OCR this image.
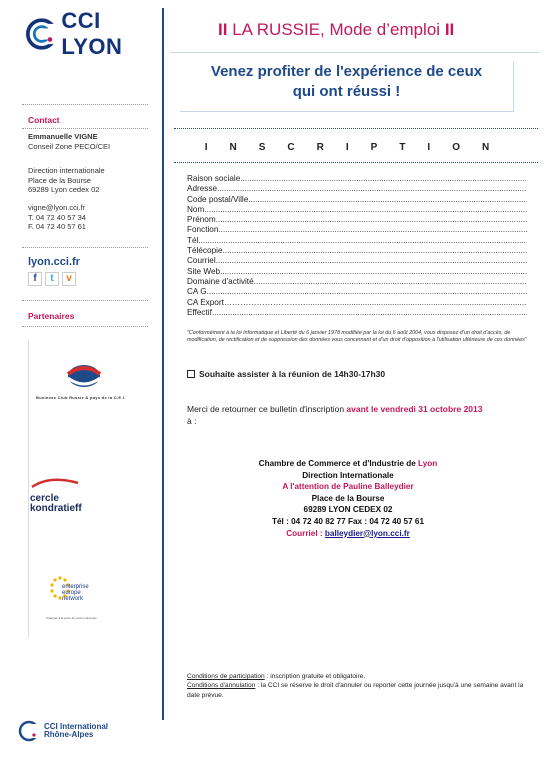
CCI LYON
Contact
Emmanuelle VIGNE
Conseil Zone PECO/CEI
Direction internationale
Place de la Bourse
69289 Lyon cedex 02
vigne@lyon.cci.fr
T. 04 72 40 57 34
F. 04 72 40 57 61
lyon.cci.fr
f	t	v
Partenaires
Business Club Russie & pays de la C.E.I.
cercle
kondratieff
enterprise
europe
network
Changer à la porte de votre entreprise
CCI International
Rhône-Alpes
II LA RUSSIE, Mode d’emploi II
Venez profiter de l'expérience de ceux
qui ont réussi !
INSCRIPTION
Raison sociale
.....
Adresse
.....
Code postal/Ville
.....
Nom
.....
Prénom
.....
Fonction
.....
Tél
.....
Télécopie
.....
Courriel
.....
Site Web
.....
Domaine d'activité
.....
CA G
.....
CA Export…………………………
.....
Effectif
.....
"Conformément à la loi Informatique et Liberté du 6 janvier 1978 modifiée par la loi du 6 août 2004, vous disposez d'un droit d'accès, de modification, de rectification et de suppression des données vous concernant et d'un droit d'opposition à l'utilisation ultérieure de ces données"
Souhaite assister à la réunion de 14h30-17h30
Merci de retourner ce bulletin d'inscription avant le vendredi 31 octobre 2013
à :
Chambre de Commerce et d'Industrie de Lyon
Direction Internationale
A l'attention de Pauline Balleydier
Place de la Bourse
69289 LYON CEDEX 02
Tél : 04 72 40 82 77 Fax : 04 72 40 57 61
Courriel : balleydier@lyon.cci.fr
Conditions de participation : inscription gratuite et obligatoire.
Conditions d'annulation : la CCI se réserve le droit d'annuler ou reporter cette journée jusqu'à une semaine avant la date prévue.
